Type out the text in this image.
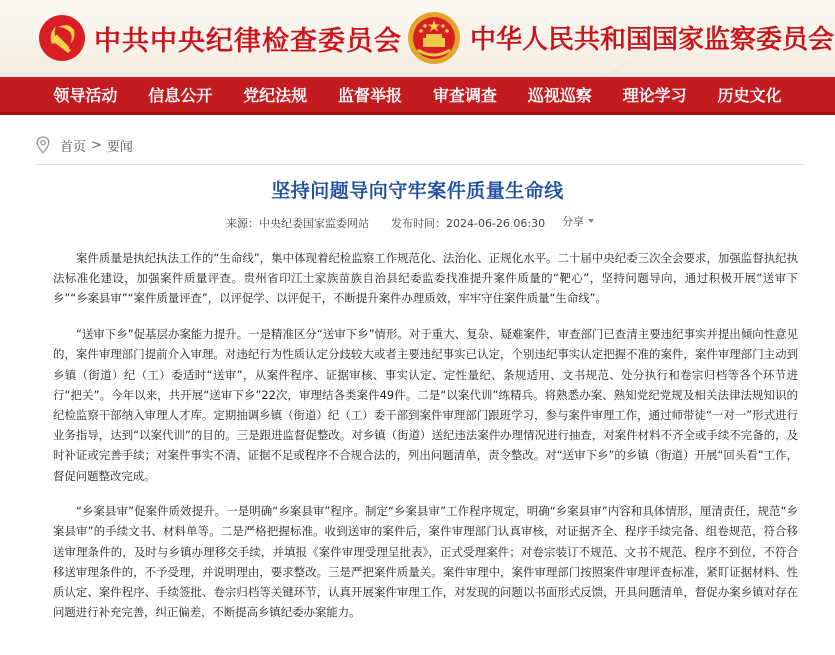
中共中央纪律检查委员会	中华人民共和国国家监察委员会
领导活动 信息公开 党纪法规 监督举报 审查调查 巡视巡察 理论学习 历史文化
首页 > 要闻
坚持问题导向守牢案件质量生命线
来源：中央纪委国家监委网站 发布时间：2024-06-26 06:30 分享

案件质量是执纪执法工作的“生命线”，集中体现着纪检监察工作规范化、法治化、正规化水平。二十届中央纪委三次全会要求，加强监督执纪执法标准化建设，加强案件质量评查。贵州省印江土家族苗族自治县纪委监委找准提升案件质量的“靶心”，坚持问题导向，通过积极开展“送审下乡”“乡案县审”“案件质量评查”，以评促学、以评促干，不断提升案件办理质效，牢牢守住案件质量“生命线”。

“送审下乡”促基层办案能力提升。一是精准区分“送审下乡”情形。对于重大、复杂、疑难案件，审查部门已查清主要违纪事实并提出倾向性意见的，案件审理部门提前介入审理。对违纪行为性质认定分歧较大或者主要违纪事实已认定，个别违纪事实认定把握不准的案件，案件审理部门主动到乡镇（街道）纪（工）委适时“送审”，从案件程序、证据审核、事实认定、定性量纪、条规适用、文书规范、处分执行和卷宗归档等各个环节进行“把关”。今年以来，共开展“送审下乡”22次，审理结各类案件49件。二是“以案代训”练精兵。将熟悉办案、熟知党纪党规及相关法律法规知识的纪检监察干部纳入审理人才库。定期抽调乡镇（街道）纪（工）委干部到案件审理部门跟班学习，参与案件审理工作，通过师带徒“一对一”形式进行业务指导，达到“以案代训”的目的。三是跟进监督促整改。对乡镇（街道）送纪违法案件办理情况进行抽查，对案件材料不齐全或手续不完备的，及时补证或完善手续；对案件事实不清、证据不足或程序不合规合法的，列出问题清单，责令整改。对“送审下乡”的乡镇（街道）开展“回头看”工作，督促问题整改完成。

“乡案县审”促案件质效提升。一是明确“乡案县审”程序。制定“乡案县审”工作程序规定，明确“乡案县审”内容和具体情形，厘清责任，规范“乡案县审”的手续文书、材料单等。二是严格把握标准。收到送审的案件后，案件审理部门认真审核，对证据齐全、程序手续完备、组卷规范，符合移送审理条件的，及时与乡镇办理移交手续，并填报《案件审理受理呈批表》，正式受理案件；对卷宗装订不规范、文书不规范、程序不到位，不符合移送审理条件的，不予受理，并说明理由，要求整改。三是严把案件质量关。案件审理中，案件审理部门按照案件审理评查标准，紧盯证据材料、性质认定、案件程序、手续签批、卷宗归档等关键环节，认真开展案件审理工作，对发现的问题以书面形式反馈，开具问题清单，督促办案乡镇对存在问题进行补充完善，纠正偏差，不断提高乡镇纪委办案能力。
